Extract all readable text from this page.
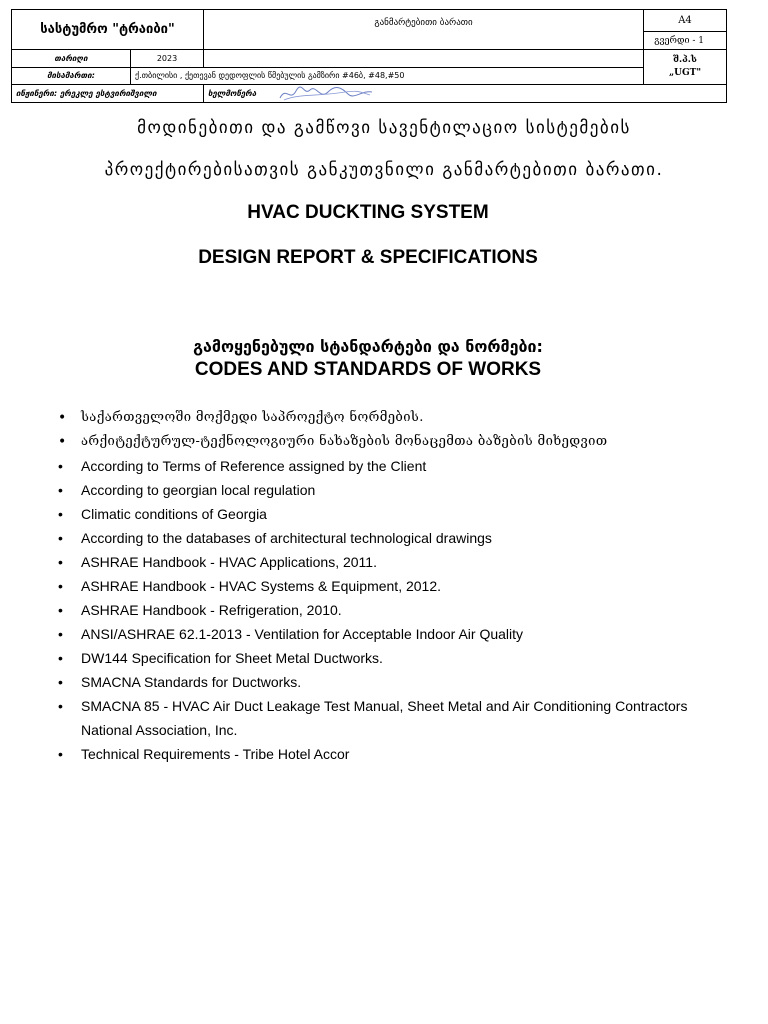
სასტუმრო "ტრაიბი"		განმარტებითი ბარათი	A4
			გვერდი - 1
თარიღი	2023		შ.პ.ს
„UGT"

მისამართი:	ქ.თბილისი , ქეთევან დედოფლის წმებულის გამზირი #46ბ, #48,#50		
ინჟინერი: ერეკლე ესტვირიშვილი		ხელმოწერა	
მოდინებითი და გამწოვი სავენტილაციო სისტემების
პროექტირებისათვის განკუთვნილი განმარტებითი ბარათი.
HVAC DUCKTING SYSTEM
DESIGN REPORT & SPECIFICATIONS
გამოყენებული სტანდარტები და ნორმები:
CODES AND STANDARDS OF WORKS
• საქართველოში მოქმედი საპროექტო ნორმების.
• არქიტექტურულ-ტექნოლოგიური ნახაზების მონაცემთა ბაზების მიხედვით
• According to Terms of Reference assigned by the Client
• According to georgian local regulation
• Climatic conditions of Georgia
• According to the databases of architectural technological drawings
• ASHRAE Handbook - HVAC Applications, 2011.
• ASHRAE Handbook - HVAC Systems & Equipment, 2012.
• ASHRAE Handbook - Refrigeration, 2010.
• ANSI/ASHRAE 62.1-2013 - Ventilation for Acceptable Indoor Air Quality
• DW144 Specification for Sheet Metal Ductworks.
• SMACNA Standards for Ductworks.
• SMACNA 85 - HVAC Air Duct Leakage Test Manual, Sheet Metal and Air Conditioning Contractors National Association, Inc.
• Technical Requirements - Tribe Hotel Accor
